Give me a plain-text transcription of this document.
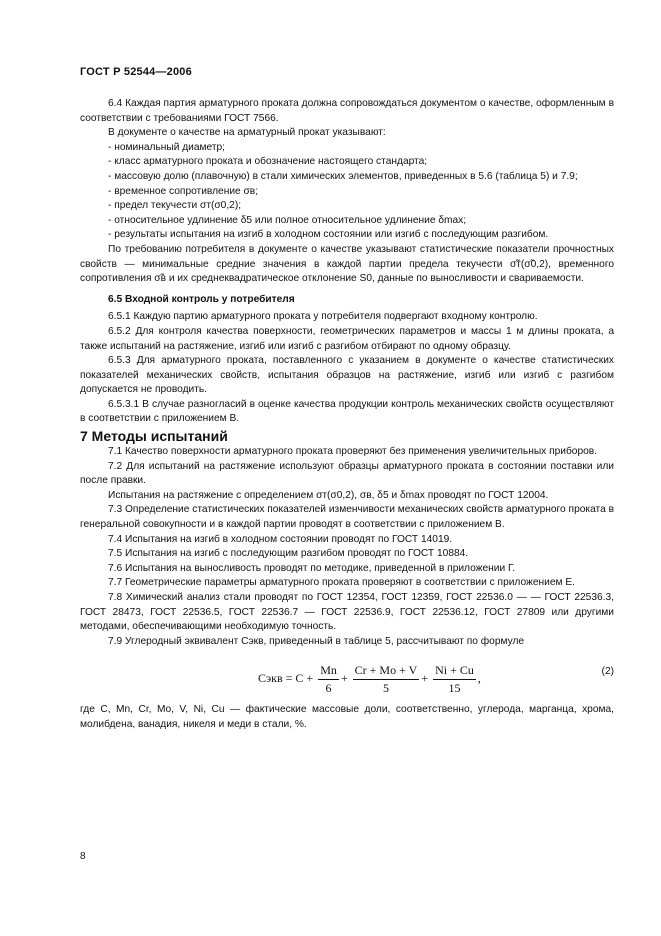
ГОСТ Р 52544—2006

6.4 Каждая партия арматурного проката должна сопровождаться документом о качестве, оформленным в соответствии с требованиями ГОСТ 7566.

В документе о качестве на арматурный прокат указывают:

- номинальный диаметр;

- класс арматурного проката и обозначение настоящего стандарта;

- массовую долю (плавочную) в стали химических элементов, приведенных в 5.6 (таблица 5) и 7.9;

- временное сопротивление σв;

- предел текучести σт(σ0,2);

- относительное удлинение δ5 или полное относительное удлинение δmax;

- результаты испытания на изгиб в холодном состоянии или изгиб с последующим разгибом.

По требованию потребителя в документе о качестве указывают статистические показатели прочностных свойств — минимальные средние значения в каждой партии предела текучести σ̃т(σ̃0,2), временного сопротивления σ̃в и их среднеквадратическое отклонение S0, данные по выносливости и свариваемости.

6.5 Входной контроль у потребителя

6.5.1 Каждую партию арматурного проката у потребителя подвергают входному контролю.

6.5.2 Для контроля качества поверхности, геометрических параметров и массы 1 м длины проката, а также испытаний на растяжение, изгиб или изгиб с разгибом отбирают по одному образцу.

6.5.3 Для арматурного проката, поставленного с указанием в документе о качестве статистических показателей механических свойств, испытания образцов на растяжение, изгиб или изгиб с разгибом допускается не проводить.

6.5.3.1 В случае разногласий в оценке качества продукции контроль механических свойств осуществляют в соответствии с приложением В.

7 Методы испытаний

7.1 Качество поверхности арматурного проката проверяют без применения увеличительных приборов.

7.2 Для испытаний на растяжение используют образцы арматурного проката в состоянии поставки или после правки.

Испытания на растяжение с определением σт(σ0,2), σв, δ5 и δmax проводят по ГОСТ 12004.

7.3 Определение статистических показателей изменчивости механических свойств арматурного проката в генеральной совокупности и в каждой партии проводят в соответствии с приложением В.

7.4 Испытания на изгиб в холодном состоянии проводят по ГОСТ 14019.

7.5 Испытания на изгиб с последующим разгибом проводят по ГОСТ 10884.

7.6 Испытания на выносливость проводят по методике, приведенной в приложении Г.

7.7 Геометрические параметры арматурного проката проверяют в соответствии с приложением Е.

7.8 Химический анализ стали проводят по ГОСТ 12354, ГОСТ 12359, ГОСТ 22536.0 — — ГОСТ 22536.3, ГОСТ 28473, ГОСТ 22536.5, ГОСТ 22536.7 — ГОСТ 22536.9, ГОСТ 22536.12, ГОСТ 27809 или другими методами, обеспечивающими необходимую точность.

7.9 Углеродный эквивалент Cэкв, приведенный в таблице 5, рассчитывают по формуле

Cэкв = $C + \frac{Mn}{6} + \frac{Cr + Mo + V}{5} + \frac{Ni + Cu}{15}$ ,	(2)

где C, Mn, Cr, Mo, V, Ni, Cu — фактические массовые доли, соответственно, углерода, марганца, хрома, молибдена, ванадия, никеля и меди в стали, %.

8
